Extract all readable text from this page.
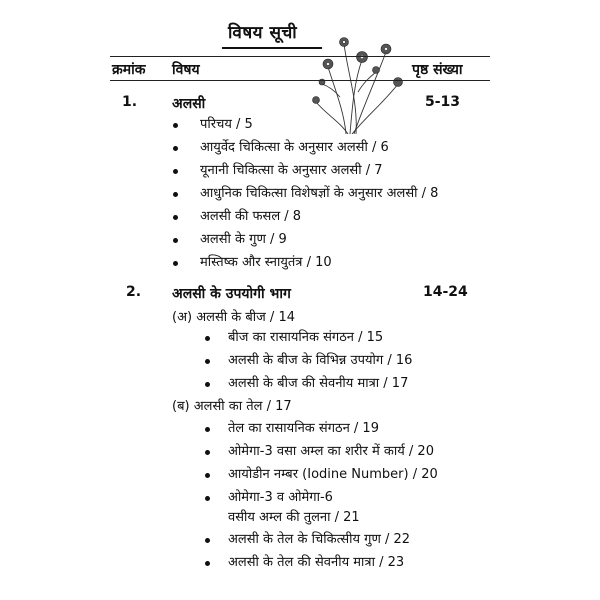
विषय सूची
क्रमांक विषय	पृष्ठ संख्या
1. अलसी	5-13
परिचय / 5
आयुर्वेद चिकित्सा के अनुसार अलसी / 6
यूनानी चिकित्सा के अनुसार अलसी / 7
आधुनिक चिकित्सा विशेषज्ञों के अनुसार अलसी / 8
अलसी की फसल / 8
अलसी के गुण / 9
मस्तिष्क और स्नायुतंत्र / 10
2. अलसी के उपयोगी भाग	14-24
(अ) अलसी के बीज / 14
बीज का रासायनिक संगठन / 15
अलसी के बीज के विभिन्न उपयोग / 16
अलसी के बीज की सेवनीय मात्रा / 17
(ब) अलसी का तेल / 17
तेल का रासायनिक संगठन / 19
ओमेगा-3 वसा अम्ल का शरीर में कार्य / 20
आयोडीन नम्बर (Iodine Number) / 20
ओमेगा-3 व ओमेगा-6
वसीय अम्ल की तुलना / 21
अलसी के तेल के चिकित्सीय गुण / 22
अलसी के तेल की सेवनीय मात्रा / 23
